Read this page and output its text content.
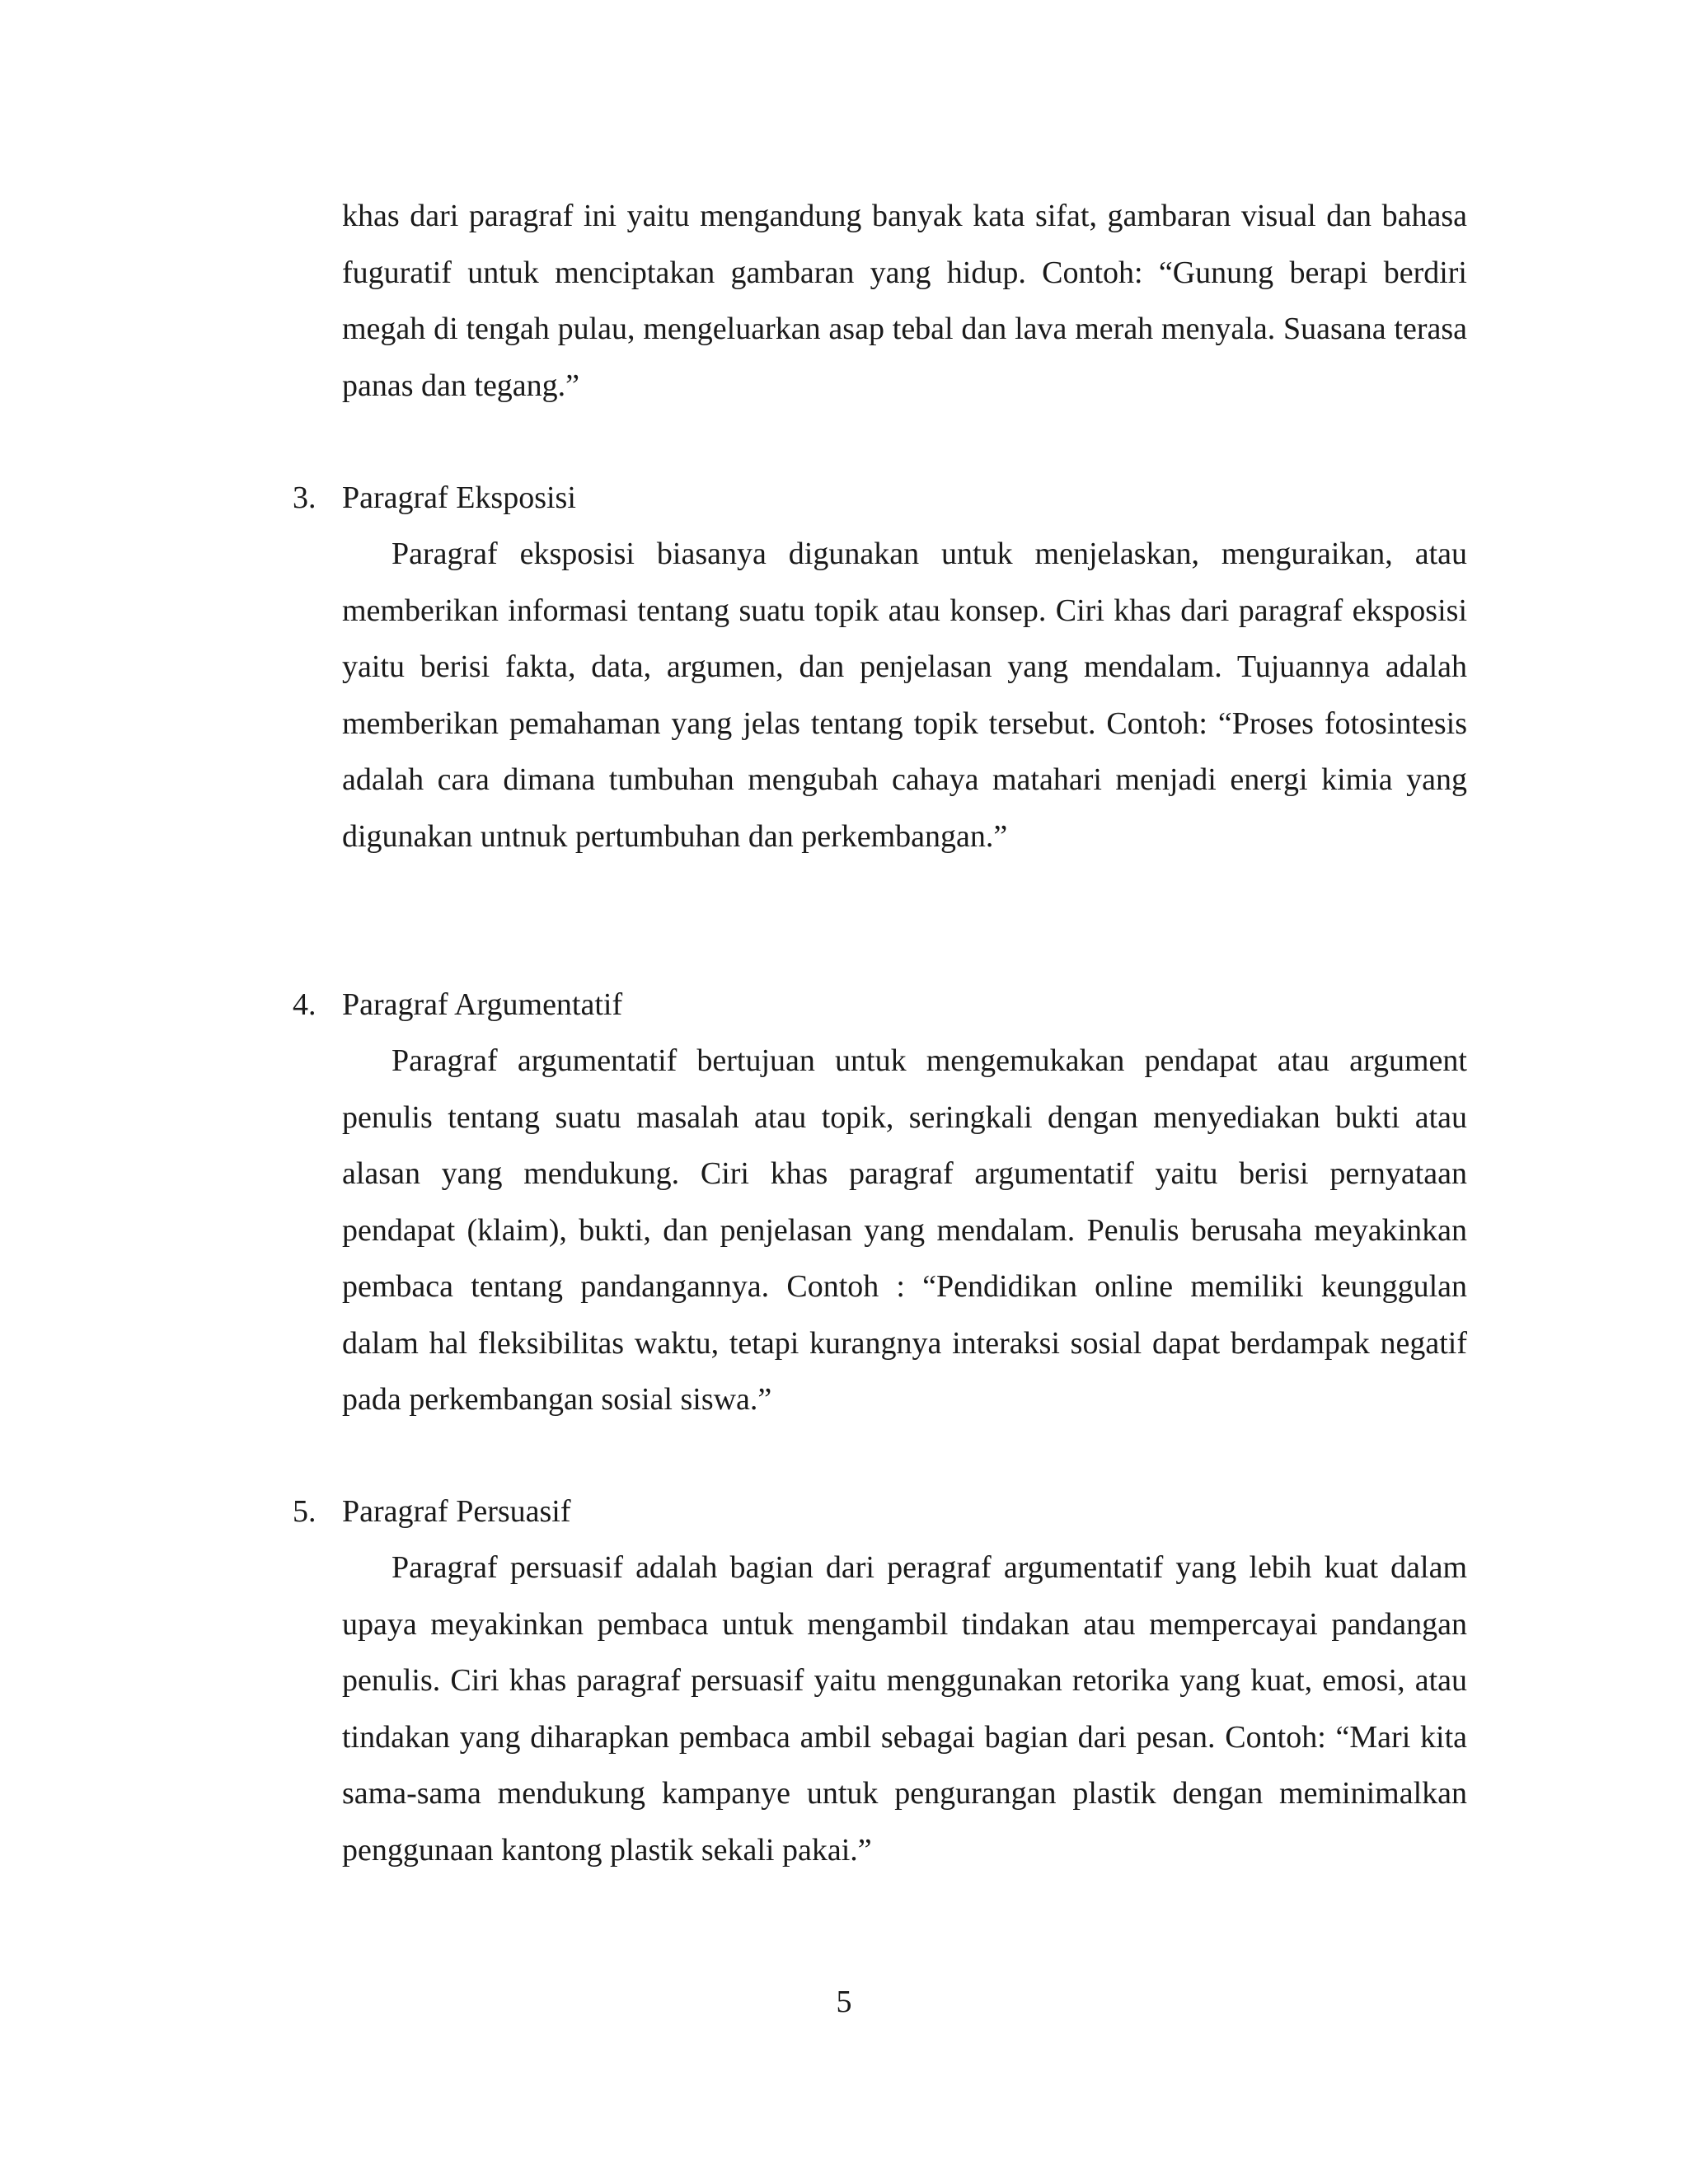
khas dari paragraf ini yaitu mengandung banyak kata sifat, gambaran visual dan bahasa fuguratif untuk menciptakan gambaran yang hidup. Contoh: “Gunung berapi berdiri megah di tengah pulau, mengeluarkan asap tebal dan lava merah menyala. Suasana terasa panas dan tegang.”

3. Paragraf Eksposisi

Paragraf eksposisi biasanya digunakan untuk menjelaskan, menguraikan, atau memberikan informasi tentang suatu topik atau konsep. Ciri khas dari paragraf eksposisi yaitu berisi fakta, data, argumen, dan penjelasan yang mendalam. Tujuannya adalah memberikan pemahaman yang jelas tentang topik tersebut. Contoh: “Proses fotosintesis adalah cara dimana tumbuhan mengubah cahaya matahari menjadi energi kimia yang digunakan untnuk pertumbuhan dan perkembangan.”

4. Paragraf Argumentatif

Paragraf argumentatif bertujuan untuk mengemukakan pendapat atau argument penulis tentang suatu masalah atau topik, seringkali dengan menyediakan bukti atau alasan yang mendukung. Ciri khas paragraf argumentatif yaitu berisi pernyataan pendapat (klaim), bukti, dan penjelasan yang mendalam. Penulis berusaha meyakinkan pembaca tentang pandangannya. Contoh : “Pendidikan online memiliki keunggulan dalam hal fleksibilitas waktu, tetapi kurangnya interaksi sosial dapat berdampak negatif pada perkembangan sosial siswa.”

5. Paragraf Persuasif

Paragraf persuasif adalah bagian dari peragraf argumentatif yang lebih kuat dalam upaya meyakinkan pembaca untuk mengambil tindakan atau mempercayai pandangan penulis. Ciri khas paragraf persuasif yaitu menggunakan retorika yang kuat, emosi, atau tindakan yang diharapkan pembaca ambil sebagai bagian dari pesan. Contoh: “Mari kita sama-sama mendukung kampanye untuk pengurangan plastik dengan meminimalkan penggunaan kantong plastik sekali pakai.”

5
